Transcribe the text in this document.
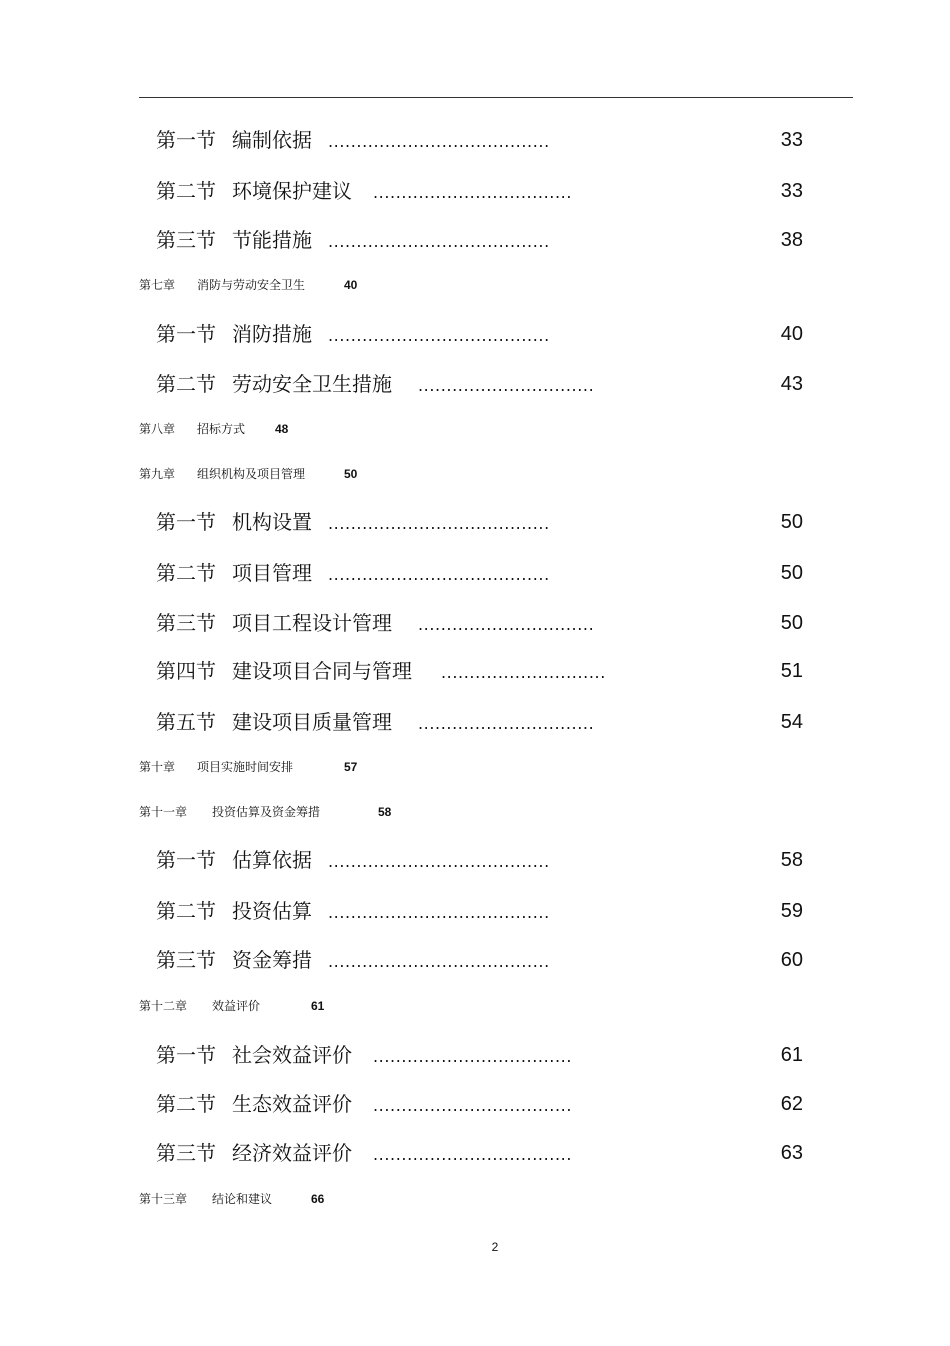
第一节 编制依据 .......................................	33
第二节 环境保护建议 ...................................	33
第三节 节能措施 .......................................	38
第七章 消防与劳动安全卫生	40
第一节 消防措施 .......................................	40
第二节 劳动安全卫生措施 ...............................	43
第八章 招标方式 48
第九章 组织机构及项目管理	50
第一节 机构设置 .......................................	50
第二节 项目管理 .......................................	50
第三节 项目工程设计管理 ...............................	50
第四节 建设项目合同与管理 .............................	51
第五节 建设项目质量管理 ...............................	54
第十章 项目实施时间安排	57
第十一章 投资估算及资金筹措	58
第一节 估算依据 .......................................	58
第二节 投资估算 .......................................	59
第三节 资金筹措 .......................................	60
第十二章 效益评价	61
第一节 社会效益评价 ...................................	61
第二节 生态效益评价 ...................................	62
第三节 经济效益评价 ...................................	63
第十三章 结论和建议	66
2
